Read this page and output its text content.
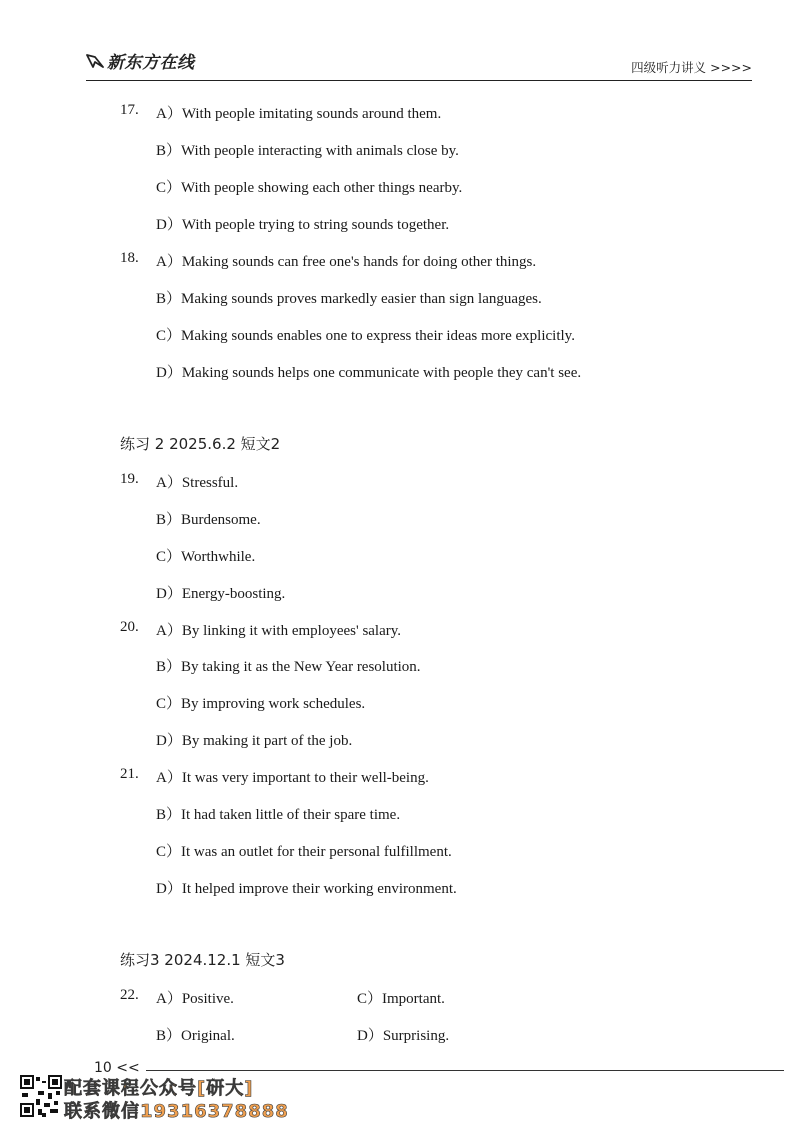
新东方在线	四级听力讲义 >>>>
17. A）With people imitating sounds around them.
B）With people interacting with animals close by.
C）With people showing each other things nearby.
D）With people trying to string sounds together.
18. A）Making sounds can free one's hands for doing other things.
B）Making sounds proves markedly easier than sign languages.
C）Making sounds enables one to express their ideas more explicitly.
D）Making sounds helps one communicate with people they can't see.
练习 2 2025.6.2 短文2
19. A）Stressful.
B）Burdensome.
C）Worthwhile.
D）Energy-boosting.
20. A）By linking it with employees' salary.
B）By taking it as the New Year resolution.
C）By improving work schedules.
D）By making it part of the job.
21. A）It was very important to their well-being.
B）It had taken little of their spare time.
C）It was an outlet for their personal fulfillment.
D）It helped improve their working environment.
练习3 2024.12.1 短文3
22. A）Positive.	C）Important.
B）Original.	D）Surprising.
10 <<
配套课程公众号[研大]
联系微信19316378888
